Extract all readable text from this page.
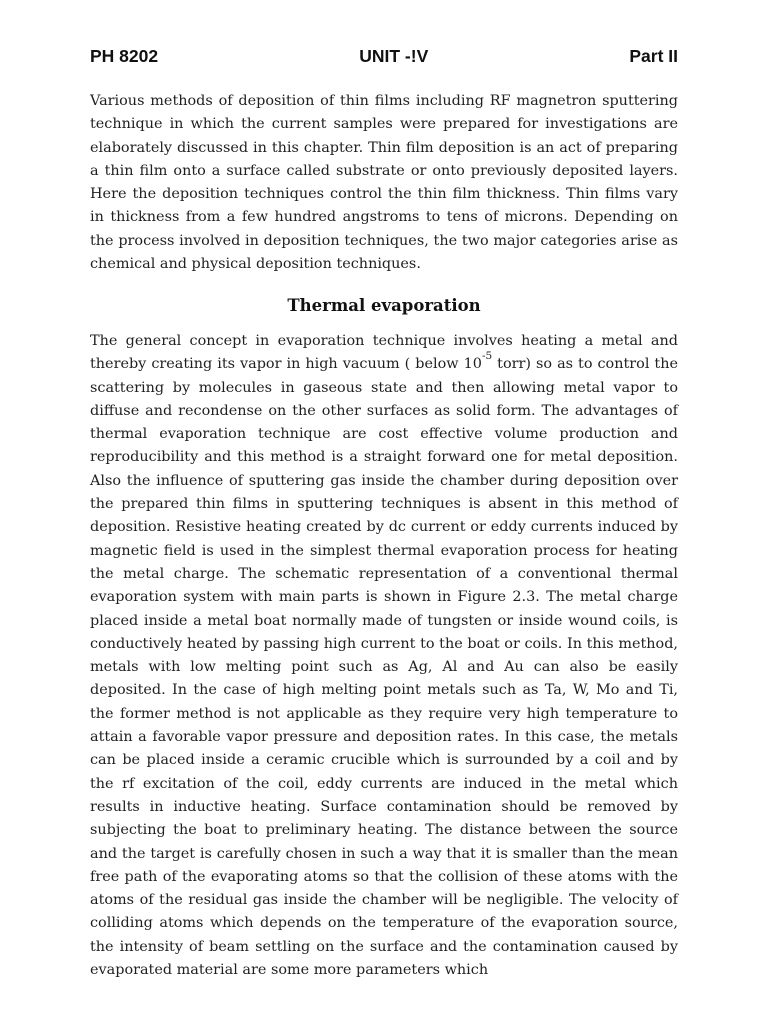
PH 8202	UNIT -!V	Part II
Various methods of deposition of thin films including RF magnetron sputtering technique in which the current samples were prepared for investigations are elaborately discussed in this chapter. Thin film deposition is an act of preparing a thin film onto a surface called substrate or onto previously deposited layers. Here the deposition techniques control the thin film thickness. Thin films vary in thickness from a few hundred angstroms to tens of microns. Depending on the process involved in deposition techniques, the two major categories arise as chemical and physical deposition techniques.
Thermal evaporation

The general concept in evaporation technique involves heating a metal and thereby creating its vapor in high vacuum ( below $10^{-5}$ torr) so as to control the scattering by molecules in gaseous state and then allowing metal vapor to diffuse and recondense on the other surfaces as solid form. The advantages of thermal evaporation technique are cost effective volume production and reproducibility and this method is a straight forward one for metal deposition. Also the influence of sputtering gas inside the chamber during deposition over the prepared thin films in sputtering techniques is absent in this method of deposition. Resistive heating created by dc current or eddy currents induced by magnetic field is used in the simplest thermal evaporation process for heating the metal charge. The schematic representation of a conventional thermal evaporation system with main parts is shown in Figure 2.3. The metal charge placed inside a metal boat normally made of tungsten or inside wound coils, is conductively heated by passing high current to the boat or coils. In this method, metals with low melting point such as Ag, Al and Au can also be easily deposited. In the case of high melting point metals such as Ta, W, Mo and Ti, the former method is not applicable as they require very high temperature to attain a favorable vapor pressure and deposition rates. In this case, the metals can be placed inside a ceramic crucible which is surrounded by a coil and by the rf excitation of the coil, eddy currents are induced in the metal which results in inductive heating. Surface contamination should be removed by subjecting the boat to preliminary heating. The distance between the source and the target is carefully chosen in such a way that it is smaller than the mean free path of the evaporating atoms so that the collision of these atoms with the atoms of the residual gas inside the chamber will be negligible. The velocity of colliding atoms which depends on the temperature of the evaporation source, the intensity of beam settling on the surface and the contamination caused by evaporated material are some more parameters which
